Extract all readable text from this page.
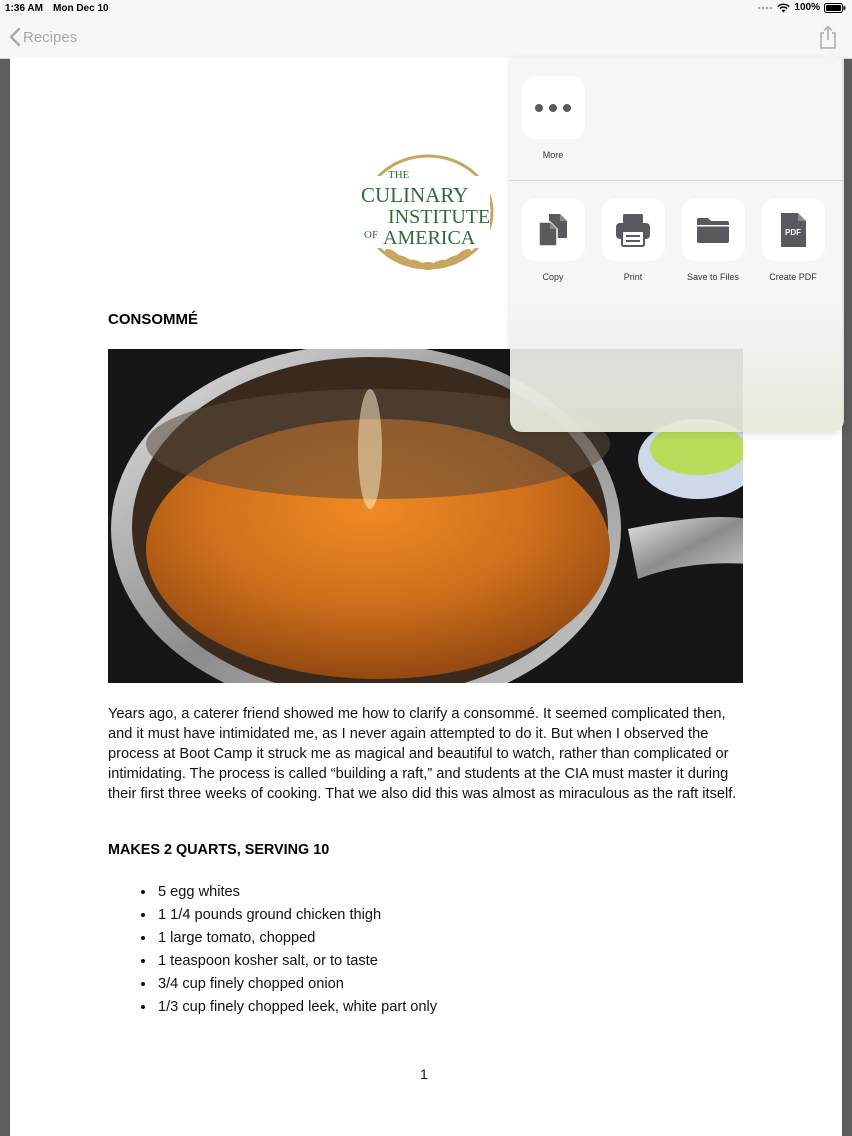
1:36 AM Mon Dec 10	100%
Recipes
THE
CULINARY
INSTITUTE
OF AMERICA
CONSOMMÉ

Years ago, a caterer friend showed me how to clarify a consommé. It seemed complicated then, and it must have intimidated me, as I never again attempted to do it. But when I observed the process at Boot Camp it struck me as magical and beautiful to watch, rather than complicated or intimidating. The process is called “building a raft,” and students at the CIA must master it during their first three weeks of cooking. That we also did this was almost as miraculous as the raft itself.

MAKES 2 QUARTS, SERVING 10
• 5 egg whites
• 1 1/4 pounds ground chicken thigh
• 1 large tomato, chopped
• 1 teaspoon kosher salt, or to taste
• 3/4 cup finely chopped onion
• 1/3 cup finely chopped leek, white part only
1
More
Copy	Print	Save to Files
PDF
Create PDF
